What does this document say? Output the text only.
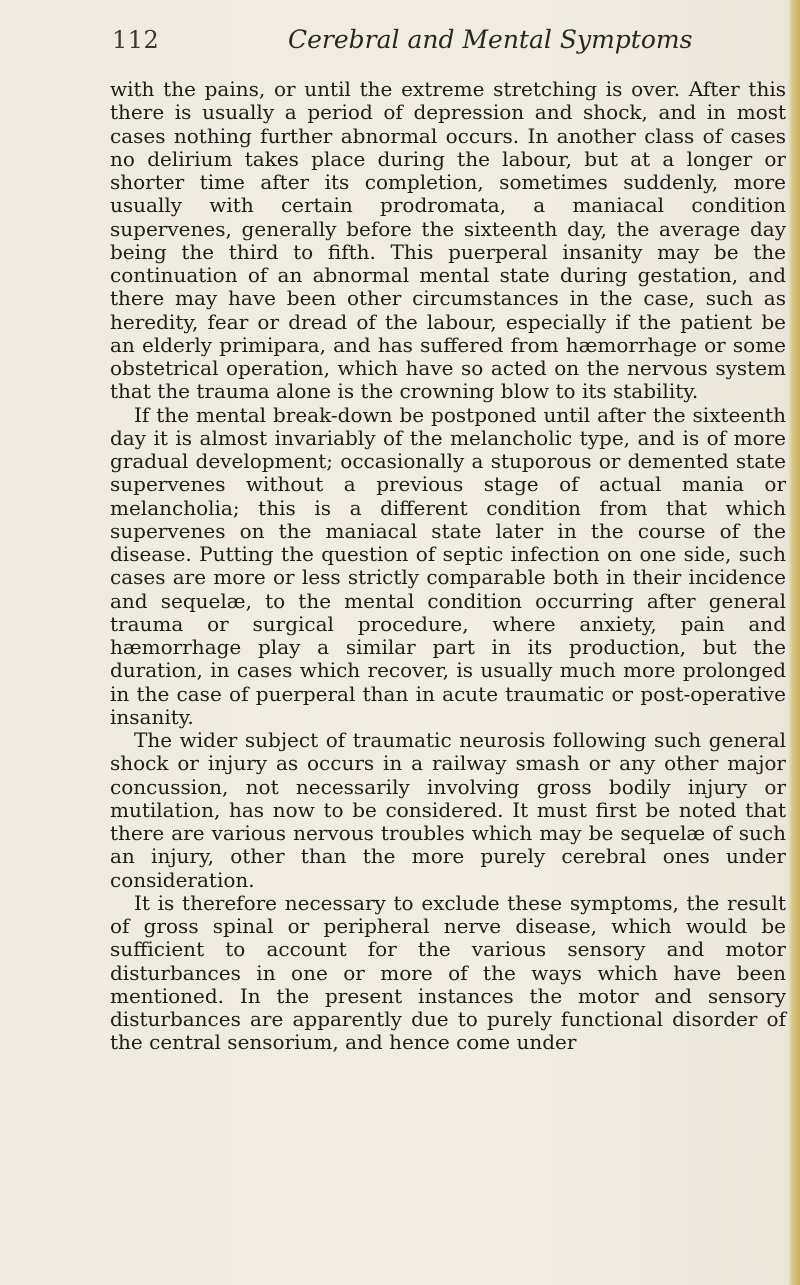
112	Cerebral and Mental Symptoms

with the pains, or until the extreme stretching is over. After this there is usually a period of depression and shock, and in most cases nothing further abnormal occurs. In another class of cases no delirium takes place during the labour, but at a longer or shorter time after its completion, sometimes suddenly, more usually with certain prodromata, a maniacal condition supervenes, generally before the sixteenth day, the average day being the third to fifth. This puerperal insanity may be the continuation of an abnormal mental state during gestation, and there may have been other circumstances in the case, such as heredity, fear or dread of the labour, especially if the patient be an elderly primipara, and has suffered from hæmorrhage or some obstetrical operation, which have so acted on the nervous system that the trauma alone is the crowning blow to its stability.

If the mental break-down be postponed until after the sixteenth day it is almost invariably of the melancholic type, and is of more gradual development; occasionally a stuporous or demented state supervenes without a previous stage of actual mania or melancholia; this is a different condition from that which supervenes on the maniacal state later in the course of the disease. Putting the question of septic infection on one side, such cases are more or less strictly comparable both in their incidence and sequelæ, to the mental condition occurring after general trauma or surgical procedure, where anxiety, pain and hæmorrhage play a similar part in its production, but the duration, in cases which recover, is usually much more prolonged in the case of puerperal than in acute traumatic or post-operative insanity.

The wider subject of traumatic neurosis following such general shock or injury as occurs in a railway smash or any other major concussion, not necessarily involving gross bodily injury or mutilation, has now to be considered. It must first be noted that there are various nervous troubles which may be sequelæ of such an injury, other than the more purely cerebral ones under consideration.

It is therefore necessary to exclude these symptoms, the result of gross spinal or peripheral nerve disease, which would be sufficient to account for the various sensory and motor disturbances in one or more of the ways which have been mentioned. In the present instances the motor and sensory disturbances are apparently due to purely functional disorder of the central sensorium, and hence come under
